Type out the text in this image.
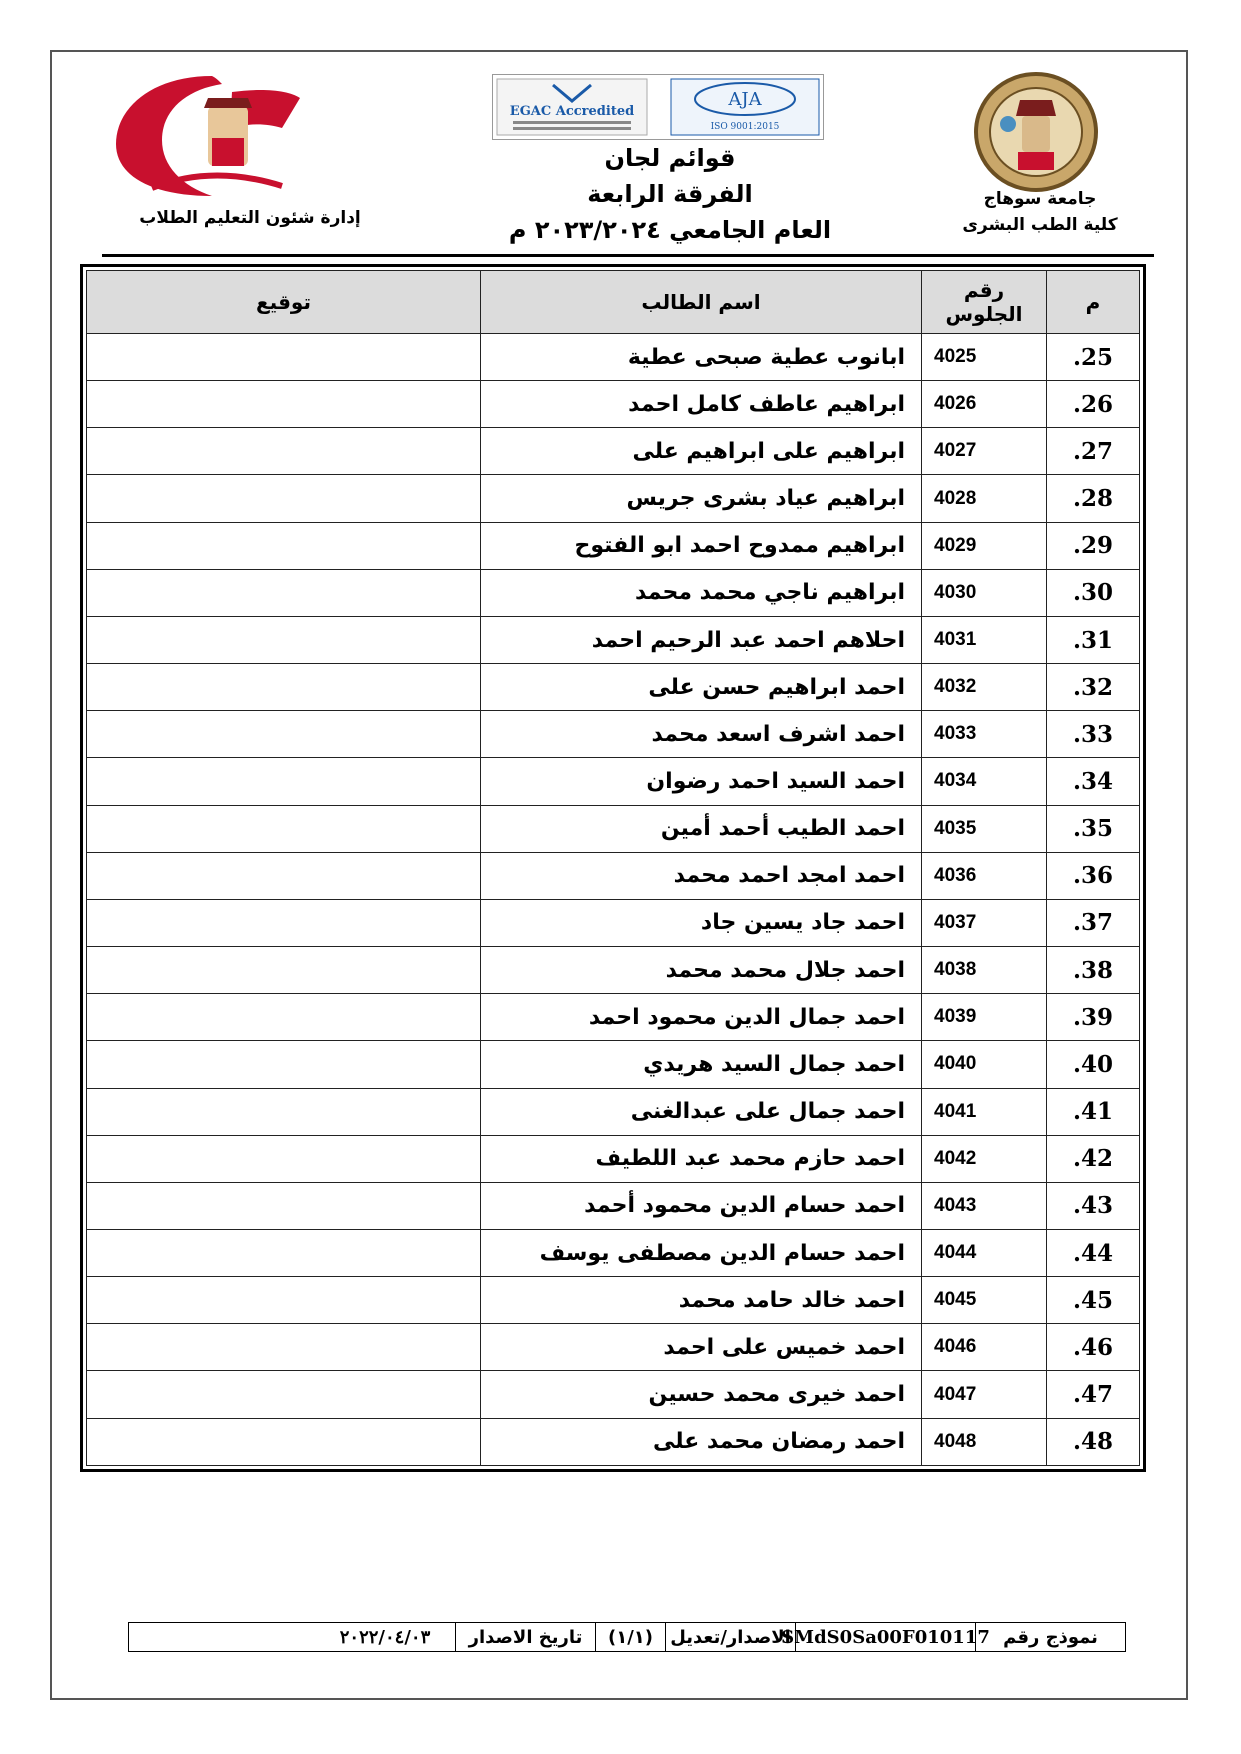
EGAC Accredited
AJA
ISO 9001:2015
إدارة شئون التعليم الطلاب
جامعة سوهاج
كلية الطب البشرى
قوائم لجان
الفرقة الرابعة
العام الجامعي ٢٠٢٣/٢٠٢٤ م
م	رقم الجلوس	اسم الطالب	توقيع
.25	4025	ابانوب عطية صبحى عطية	
.26	4026	ابراهيم عاطف كامل احمد	
.27	4027	ابراهيم على ابراهيم على	
.28	4028	ابراهيم عياد بشرى جريس	
.29	4029	ابراهيم ممدوح احمد ابو الفتوح	
.30	4030	ابراهيم ناجي محمد محمد	
.31	4031	احلاهم احمد عبد الرحيم احمد	
.32	4032	احمد ابراهيم حسن على	
.33	4033	احمد اشرف اسعد محمد	
.34	4034	احمد السيد احمد رضوان	
.35	4035	احمد الطيب أحمد أمين	
.36	4036	احمد امجد احمد محمد	
.37	4037	احمد جاد يسين جاد	
.38	4038	احمد جلال محمد محمد	
.39	4039	احمد جمال الدين محمود احمد	
.40	4040	احمد جمال السيد هريدي	
.41	4041	احمد جمال على عبدالغنى	
.42	4042	احمد حازم محمد عبد اللطيف	
.43	4043	احمد حسام الدين محمود أحمد	
.44	4044	احمد حسام الدين مصطفى يوسف	
.45	4045	احمد خالد حامد محمد	
.46	4046	احمد خميس على احمد	
.47	4047	احمد خيرى محمد حسين	
.48	4048	احمد رمضان محمد على	
نموذج رقم
SMdS0Sa00F010117
الاصدار/تعديل
(١/١)
تاريخ الاصدار
٢٠٢٢/٠٤/٠٣
